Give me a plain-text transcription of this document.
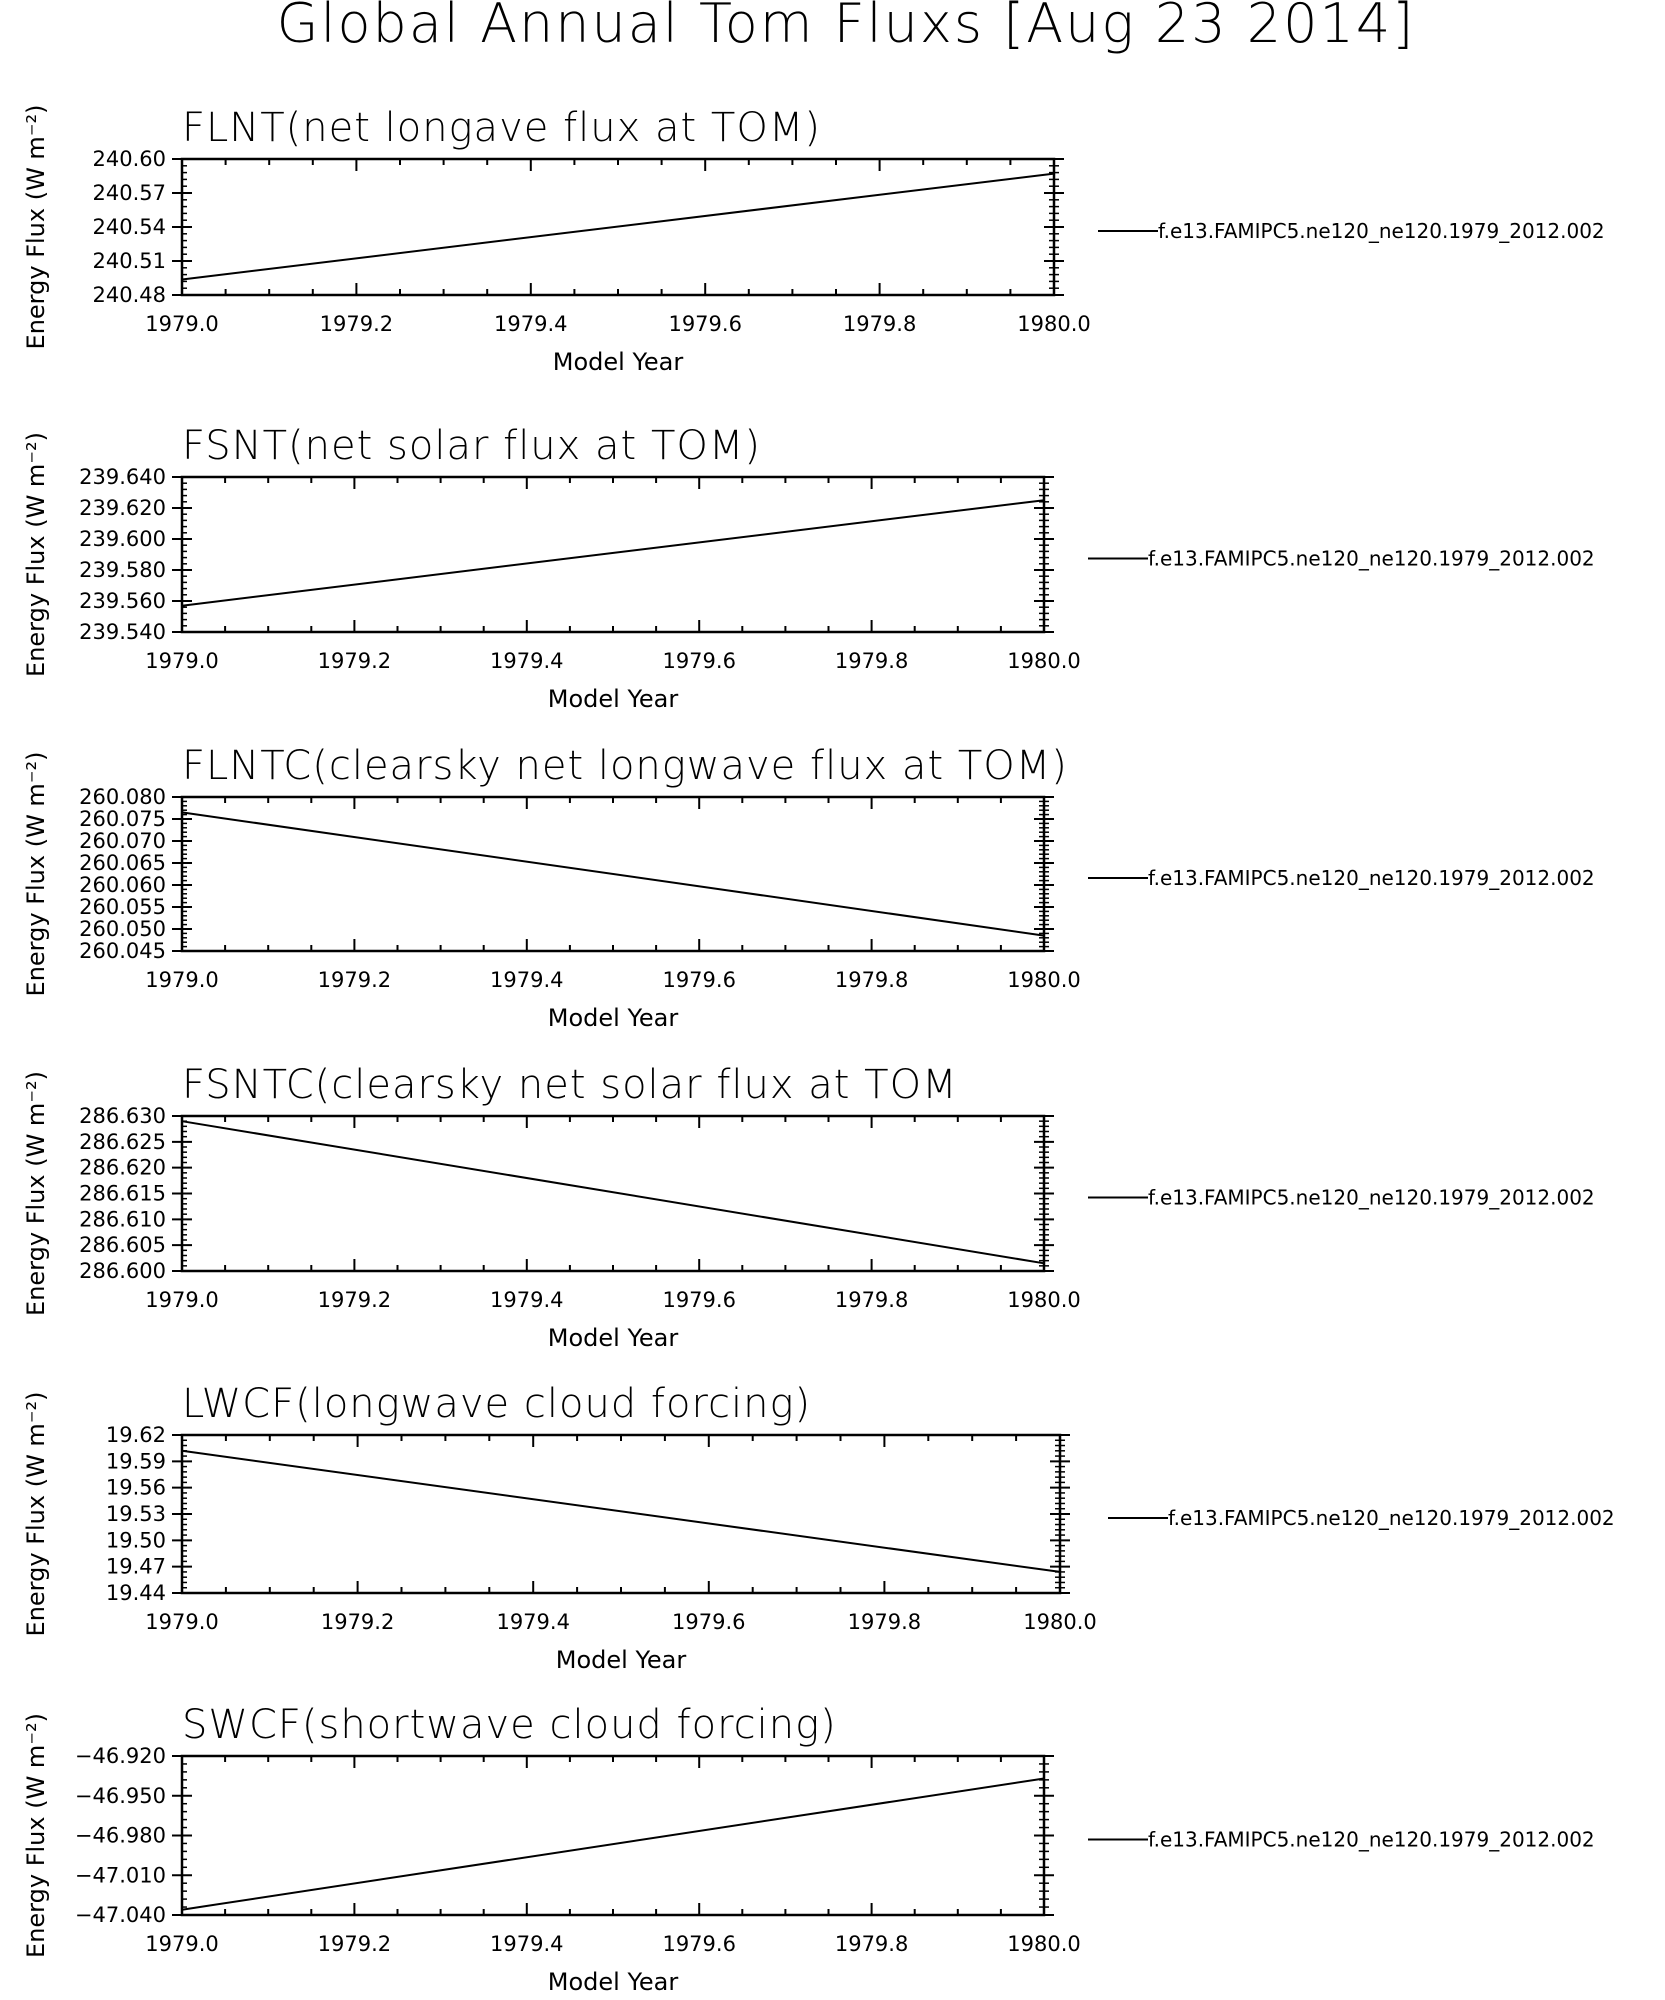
Global Annual Tom Fluxs [Aug 23 2014]
FLNT(net longave flux at TOM)
Energy Flux (W m⁻²)
Model Year
1979.0	1979.2	1979.4	1979.6	1979.8	1980.0
240.48
240.51
240.54
240.57
240.60
f.e13.FAMIPC5.ne120_ne120.1979_2012.002
FSNT(net solar flux at TOM)
Energy Flux (W m⁻²)
Model Year
1979.0	1979.2	1979.4	1979.6	1979.8	1980.0
239.540
239.560
239.580
239.600
239.620
239.640
f.e13.FAMIPC5.ne120_ne120.1979_2012.002
FLNTC(clearsky net longwave flux at TOM)
Energy Flux (W m⁻²)
Model Year
1979.0	1979.2	1979.4	1979.6	1979.8	1980.0
260.045
260.050
260.055
260.060
260.065
260.070
260.075
260.080
f.e13.FAMIPC5.ne120_ne120.1979_2012.002
FSNTC(clearsky net solar flux at TOM
Energy Flux (W m⁻²)
Model Year
1979.0	1979.2	1979.4	1979.6	1979.8	1980.0
286.600
286.605
286.610
286.615
286.620
286.625
286.630
f.e13.FAMIPC5.ne120_ne120.1979_2012.002
LWCF(longwave cloud forcing)
Energy Flux (W m⁻²)
Model Year
1979.0	1979.2	1979.4	1979.6	1979.8	1980.0
19.44
19.47
19.50
19.53
19.56
19.59
19.62
f.e13.FAMIPC5.ne120_ne120.1979_2012.002
SWCF(shortwave cloud forcing)
Energy Flux (W m⁻²)
Model Year
1979.0	1979.2	1979.4	1979.6	1979.8	1980.0
−47.040
−47.010
−46.980
−46.950
−46.920
f.e13.FAMIPC5.ne120_ne120.1979_2012.002
